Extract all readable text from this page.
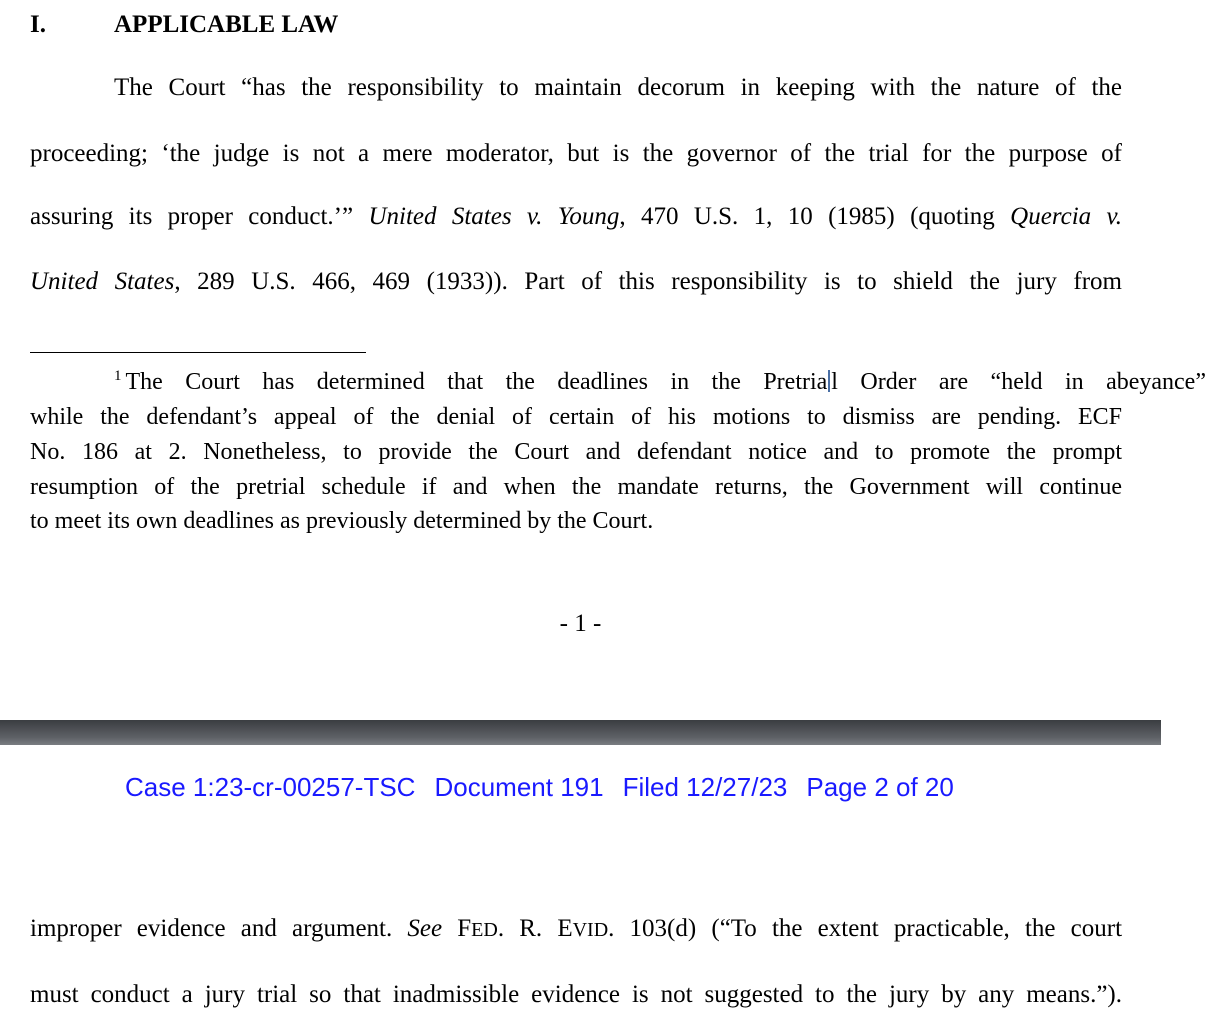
I.	APPLICABLE LAW
The Court “has the responsibility to maintain decorum in keeping with the nature of the
proceeding; ‘the judge is not a mere moderator, but is the governor of the trial for the purpose of
assuring its proper conduct.’” United States v. Young, 470 U.S. 1, 10 (1985) (quoting Quercia v.
United States, 289 U.S. 466, 469 (1933)). Part of this responsibility is to shield the jury from
$^1$ The Court has determined that the deadlines in the Pretria l Order are “held in abeyance”
while the defendant’s appeal of the denial of certain of his motions to dismiss are pending. ECF
No. 186 at 2. Nonetheless, to provide the Court and defendant notice and to promote the prompt
resumption of the pretrial schedule if and when the mandate returns, the Government will continue
to meet its own deadlines as previously determined by the Court.
- 1 -
Case 1:23-cr-00257-TSC Document 191 Filed 12/27/23 Page 2 of 20
improper evidence and argument. See FED. R. EVID. 103(d) (“To the extent practicable, the court
must conduct a jury trial so that inadmissible evidence is not suggested to the jury by any means.”).
